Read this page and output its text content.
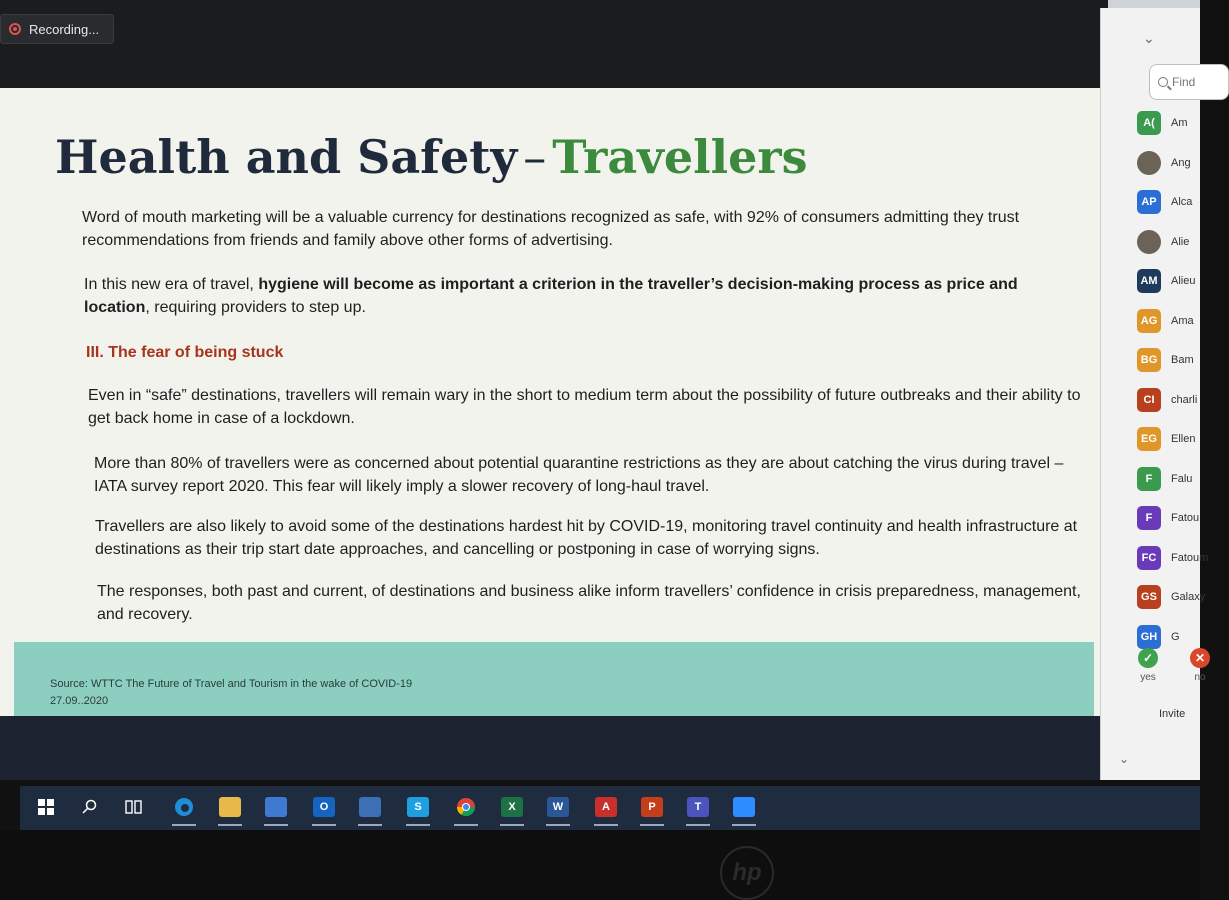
Recording...
Health and Safety – Travellers
Word of mouth marketing will be a valuable currency for destinations recognized as safe, with 92% of consumers admitting they trust recommendations from friends and family above other forms of advertising.
In this new era of travel, hygiene will become as important a criterion in the traveller’s decision-making process as price and location, requiring providers to step up.
III. The fear of being stuck
Even in “safe” destinations, travellers will remain wary in the short to medium term about the possibility of future outbreaks and their ability to get back home in case of a lockdown.
More than 80% of travellers were as concerned about potential quarantine restrictions as they are about catching the virus during travel – IATA survey report 2020. This fear will likely imply a slower recovery of long-haul travel.
Travellers are also likely to avoid some of the destinations hardest hit by COVID-19, monitoring travel continuity and health infrastructure at destinations as their trip start date approaches, and cancelling or postponing in case of worrying signs.
The responses, both past and current, of destinations and business alike inform travellers’ confidence in crisis preparedness, management, and recovery.
Source: WTTC The Future of Travel and Tourism in the wake of COVID-19
27.09..2020
⌄
Find
A(	Am
Ang
AP	Alca
Alie
AM	Alieu
AG	Ama
BG	Bam
CI	charli
EG	Ellen
F	Falu
F	Fatou
FC	Fatoum
GS	Galaxy
GH	G
✓
yes
✕
no
Invite
⌄
O	S	X	W	A	P	T
hp
